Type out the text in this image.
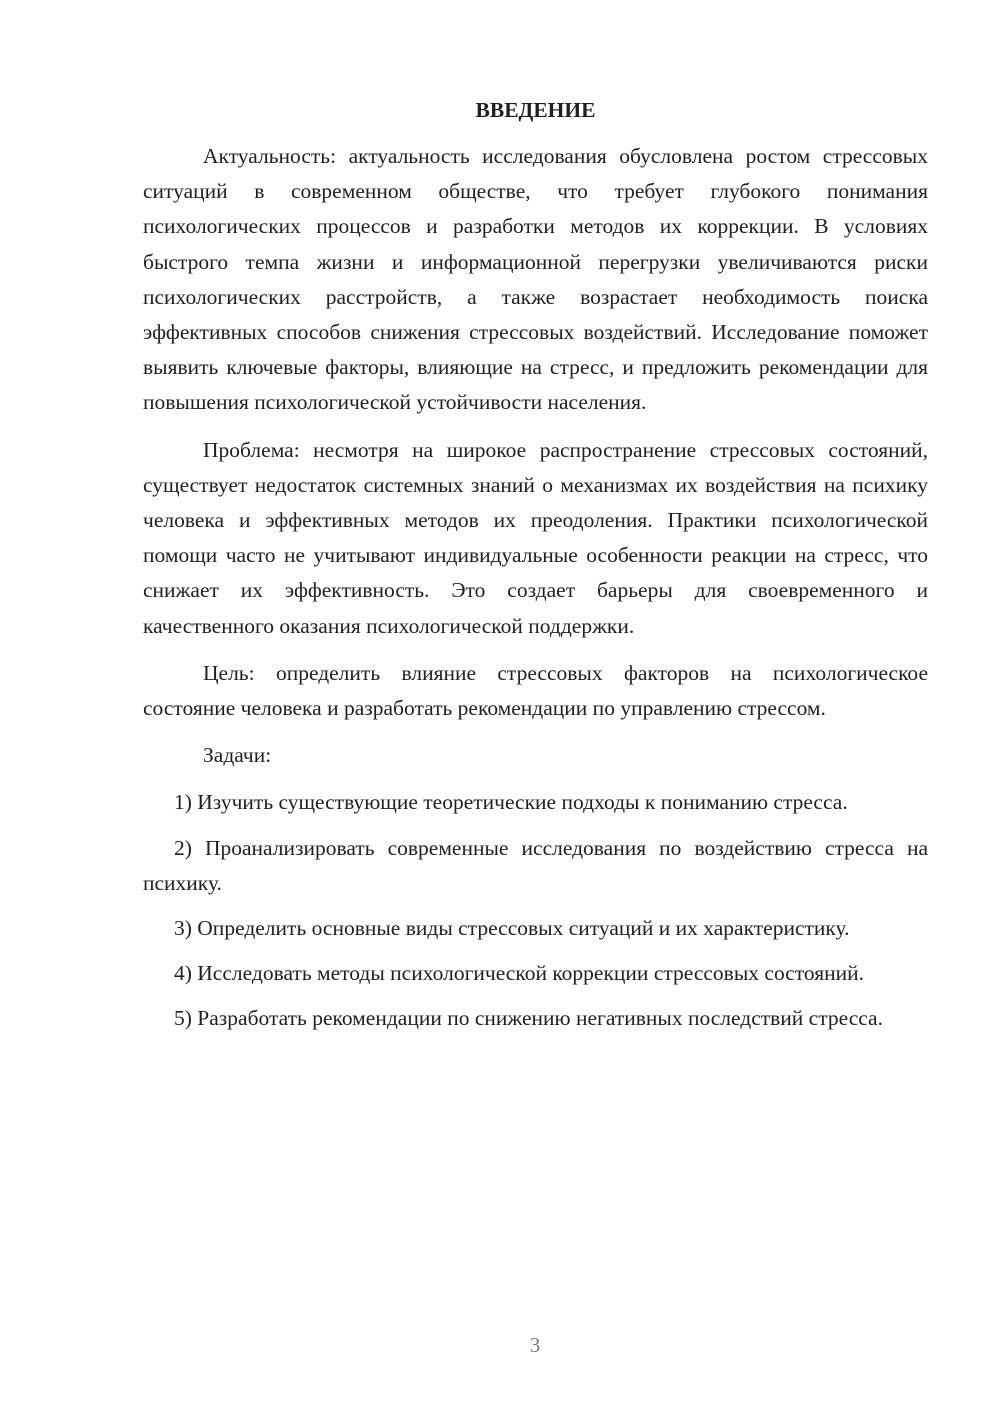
ВВЕДЕНИЕ

Актуальность: актуальность исследования обусловлена ростом стрессовых ситуаций в современном обществе, что требует глубокого понимания психологических процессов и разработки методов их коррекции. В условиях быстрого темпа жизни и информационной перегрузки увеличиваются риски психологических расстройств, а также возрастает необходимость поиска эффективных способов снижения стрессовых воздействий. Исследование поможет выявить ключевые факторы, влияющие на стресс, и предложить рекомендации для повышения психологической устойчивости населения.

Проблема: несмотря на широкое распространение стрессовых состояний, существует недостаток системных знаний о механизмах их воздействия на психику человека и эффективных методов их преодоления. Практики психологической помощи часто не учитывают индивидуальные особенности реакции на стресс, что снижает их эффективность. Это создает барьеры для своевременного и качественного оказания психологической поддержки.

Цель: определить влияние стрессовых факторов на психологическое состояние человека и разработать рекомендации по управлению стрессом.

Задачи:

1) Изучить существующие теоретические подходы к пониманию стресса.

2) Проанализировать современные исследования по воздействию стресса на психику.

3) Определить основные виды стрессовых ситуаций и их характеристику.

4) Исследовать методы психологической коррекции стрессовых состояний.

5) Разработать рекомендации по снижению негативных последствий стресса.

3
